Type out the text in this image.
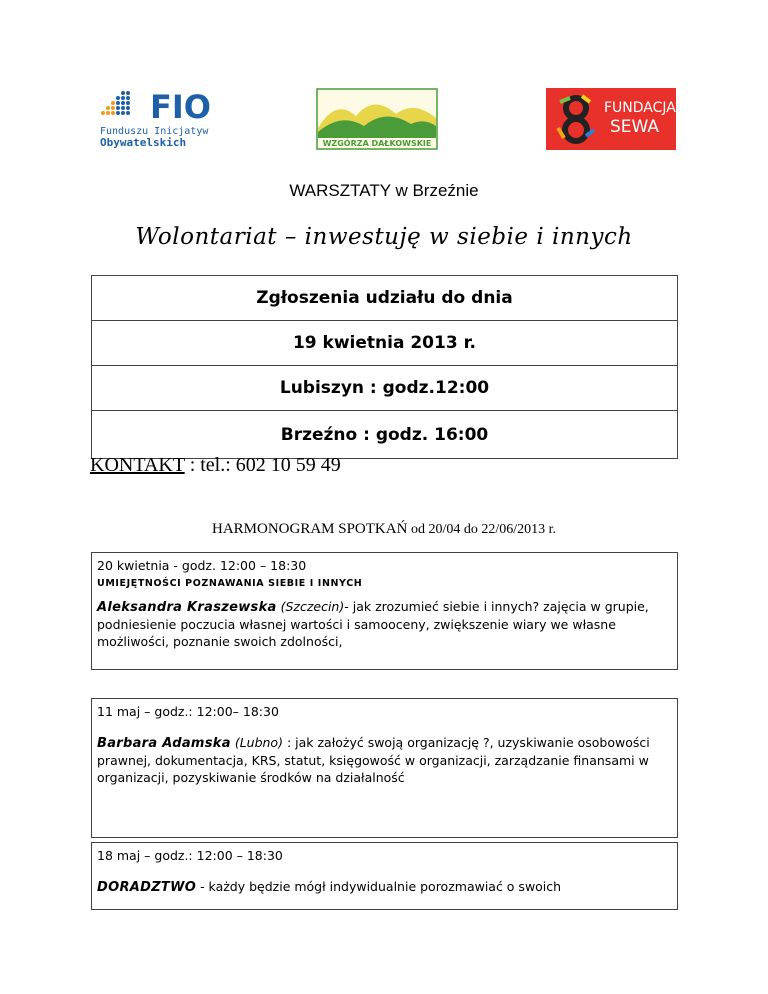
FIO
Funduszu Inicjatyw
Obywatelskich	WZGÓRZA DAŁKOWSKIE
FUNDACJA
SEWA
WARSZTATY w Brzeźnie
Wolontariat – inwestuję w siebie i innych
Zgłoszenia udziału do dnia
19 kwietnia 2013 r.
Lubiszyn : godz.12:00
Brzeźno : godz. 16:00
KONTAKT : tel.: 602 10 59 49
HARMONOGRAM SPOTKAŃ od 20/04 do 22/06/2013 r.
20 kwietnia - godz. 12:00 – 18:30
UMIEJĘTNOŚCI POZNAWANIA SIEBIE I INNYCH
Aleksandra Kraszewska (Szczecin)- jak zrozumieć siebie i innych? zajęcia w grupie, podniesienie poczucia własnej wartości i samooceny, zwiększenie wiary we własne możliwości, poznanie swoich zdolności,
11 maj – godz.: 12:00– 18:30
Barbara Adamska (Lubno) : jak założyć swoją organizację ?, uzyskiwanie osobowości prawnej, dokumentacja, KRS, statut, księgowość w organizacji, zarządzanie finansami w organizacji, pozyskiwanie środków na działalność
18 maj – godz.: 12:00 – 18:30
DORADZTWO - każdy będzie mógł indywidualnie porozmawiać o swoich
